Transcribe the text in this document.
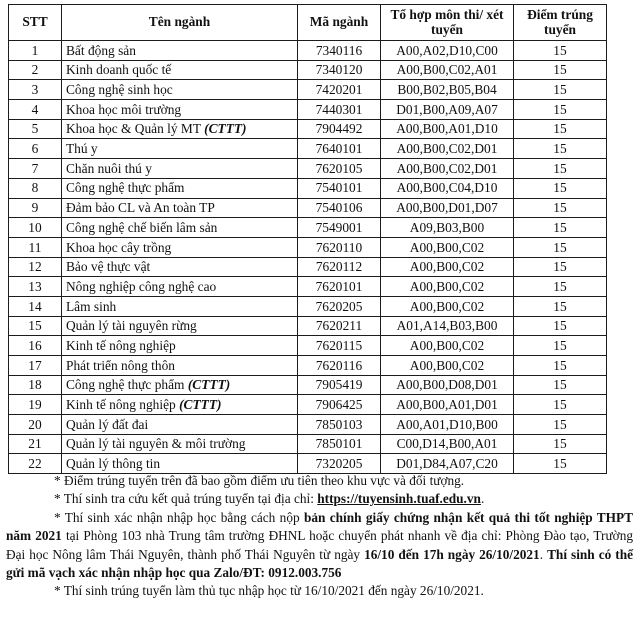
STT	Tên ngành	Mã ngành	Tổ hợp môn thi/ xét tuyển	Điểm trúng tuyển
1	Bất động sản	7340116	A00,A02,D10,C00	15
2	Kinh doanh quốc tế	7340120	A00,B00,C02,A01	15
3	Công nghệ sinh học	7420201	B00,B02,B05,B04	15
4	Khoa học môi trường	7440301	D01,B00,A09,A07	15
5	Khoa học & Quản lý MT (CTTT)	7904492	A00,B00,A01,D10	15
6	Thú y	7640101	A00,B00,C02,D01	15
7	Chăn nuôi thú y	7620105	A00,B00,C02,D01	15
8	Công nghệ thực phẩm	7540101	A00,B00,C04,D10	15
9	Đảm bảo CL và An toàn TP	7540106	A00,B00,D01,D07	15
10	Công nghệ chế biến lâm sản	7549001	A09,B03,B00	15
11	Khoa học cây trồng	7620110	A00,B00,C02	15
12	Bảo vệ thực vật	7620112	A00,B00,C02	15
13	Nông nghiệp công nghệ cao	7620101	A00,B00,C02	15
14	Lâm sinh	7620205	A00,B00,C02	15
15	Quản lý tài nguyên rừng	7620211	A01,A14,B03,B00	15
16	Kinh tế nông nghiệp	7620115	A00,B00,C02	15
17	Phát triển nông thôn	7620116	A00,B00,C02	15
18	Công nghệ thực phẩm (CTTT)	7905419	A00,B00,D08,D01	15
19	Kinh tế nông nghiệp (CTTT)	7906425	A00,B00,A01,D01	15
20	Quản lý đất đai	7850103	A00,A01,D10,B00	15
21	Quản lý tài nguyên & môi trường	7850101	C00,D14,B00,A01	15
22	Quản lý thông tin	7320205	D01,D84,A07,C20	15

* Điểm trúng tuyển trên đã bao gồm điểm ưu tiên theo khu vực và đối tượng.

* Thí sinh tra cứu kết quả trúng tuyển tại địa chỉ: https://tuyensinh.tuaf.edu.vn.

* Thí sinh xác nhận nhập học bằng cách nộp bản chính giấy chứng nhận kết quả thi tốt nghiệp THPT năm 2021 tại Phòng 103 nhà Trung tâm trường ĐHNL hoặc chuyển phát nhanh về địa chỉ: Phòng Đào tạo, Trường Đại học Nông lâm Thái Nguyên, thành phố Thái Nguyên từ ngày 16/10 đến 17h ngày 26/10/2021. Thí sinh có thể gửi mã vạch xác nhận nhập học qua Zalo/ĐT: 0912.003.756

* Thí sinh trúng tuyển làm thủ tục nhập học từ 16/10/2021 đến ngày 26/10/2021.
